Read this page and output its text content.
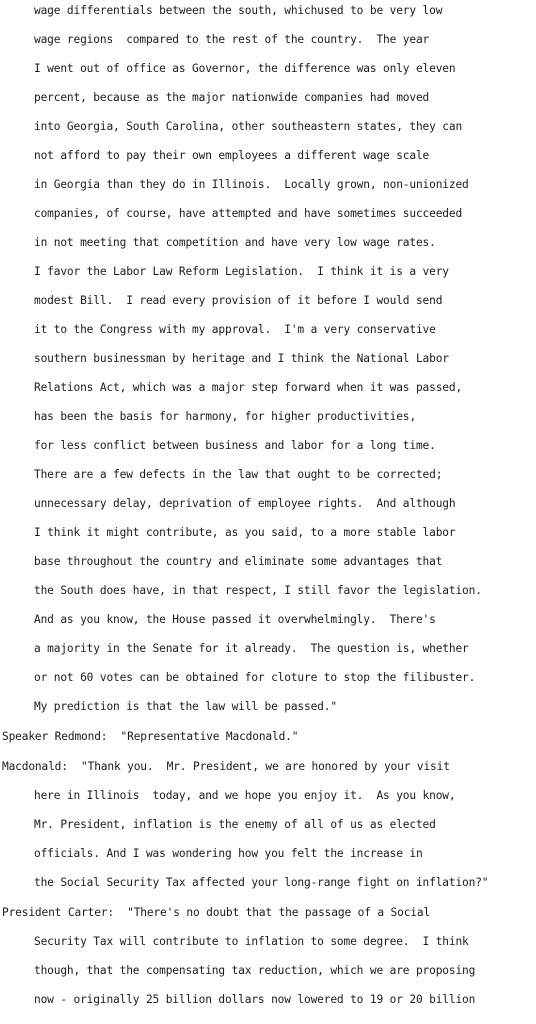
wage differentials between the south, whichused to be very low
wage regions  compared to the rest of the country.  The year
I went out of office as Governor, the difference was only eleven
percent, because as the major nationwide companies had moved
into Georgia, South Carolina, other southeastern states, they can
not afford to pay their own employees a different wage scale
in Georgia than they do in Illinois.  Locally grown, non-unionized
companies, of course, have attempted and have sometimes succeeded
in not meeting that competition and have very low wage rates.
I favor the Labor Law Reform Legislation.  I think it is a very
modest Bill.  I read every provision of it before I would send
it to the Congress with my approval.  I'm a very conservative
southern businessman by heritage and I think the National Labor
Relations Act, which was a major step forward when it was passed,
has been the basis for harmony, for higher productivities,
for less conflict between business and labor for a long time.
There are a few defects in the law that ought to be corrected;
unnecessary delay, deprivation of employee rights.  And although
I think it might contribute, as you said, to a more stable labor
base throughout the country and eliminate some advantages that
the South does have, in that respect, I still favor the legislation.
And as you know, the House passed it overwhelmingly.  There's
a majority in the Senate for it already.  The question is, whether
or not 60 votes can be obtained for cloture to stop the filibuster.
My prediction is that the law will be passed."
Speaker Redmond:  "Representative Macdonald."
Macdonald:  "Thank you.  Mr. President, we are honored by your visit
here in Illinois  today, and we hope you enjoy it.  As you know,
Mr. President, inflation is the enemy of all of us as elected
officials. And I was wondering how you felt the increase in
the Social Security Tax affected your long-range fight on inflation?"
President Carter:  "There's no doubt that the passage of a Social
Security Tax will contribute to inflation to some degree.  I think
though, that the compensating tax reduction, which we are proposing
now - originally 25 billion dollars now lowered to 19 or 20 billion
